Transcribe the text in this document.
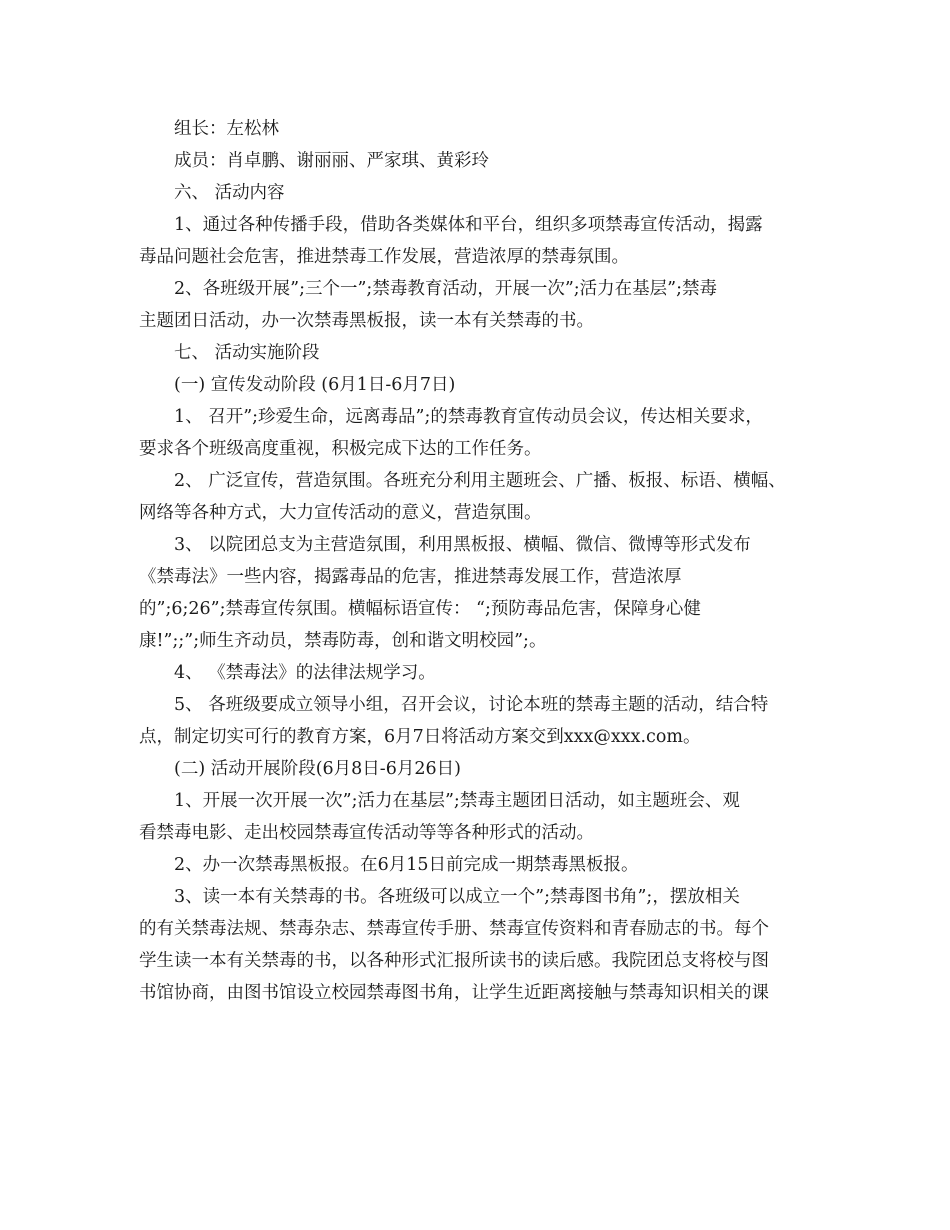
组长：左松林
成员：肖卓鹏、谢丽丽、严家琪、黄彩玲
六、 活动内容
1、通过各种传播手段，借助各类媒体和平台，组织多项禁毒宣传活动，揭露
毒品问题社会危害，推进禁毒工作发展，营造浓厚的禁毒氛围。
2、各班级开展”;三个一”;禁毒教育活动，开展一次”;活力在基层”;禁毒
主题团日活动，办一次禁毒黑板报，读一本有关禁毒的书。
七、 活动实施阶段
(一) 宣传发动阶段 (6月1日-6月7日)
1、 召开”;珍爱生命，远离毒品”;的禁毒教育宣传动员会议，传达相关要求，
要求各个班级高度重视，积极完成下达的工作任务。
2、 广泛宣传，营造氛围。各班充分利用主题班会、广播、板报、标语、横幅、
网络等各种方式，大力宣传活动的意义，营造氛围。
3、 以院团总支为主营造氛围，利用黑板报、横幅、微信、微博等形式发布
《禁毒法》一些内容，揭露毒品的危害，推进禁毒发展工作，营造浓厚
的”;6;26”;禁毒宣传氛围。横幅标语宣传： “;预防毒品危害，保障身心健
康!”;;”;师生齐动员，禁毒防毒，创和谐文明校园”;。
4、 《禁毒法》的法律法规学习。
5、 各班级要成立领导小组，召开会议，讨论本班的禁毒主题的活动，结合特
点，制定切实可行的教育方案，6月7日将活动方案交到xxx@xxx.com。
(二) 活动开展阶段(6月8日-6月26日)
1、开展一次开展一次”;活力在基层”;禁毒主题团日活动，如主题班会、观
看禁毒电影、走出校园禁毒宣传活动等等各种形式的活动。
2、办一次禁毒黑板报。在6月15日前完成一期禁毒黑板报。
3、读一本有关禁毒的书。各班级可以成立一个”;禁毒图书角”;，摆放相关
的有关禁毒法规、禁毒杂志、禁毒宣传手册、禁毒宣传资料和青春励志的书。每个
学生读一本有关禁毒的书，以各种形式汇报所读书的读后感。我院团总支将校与图
书馆协商，由图书馆设立校园禁毒图书角，让学生近距离接触与禁毒知识相关的课
